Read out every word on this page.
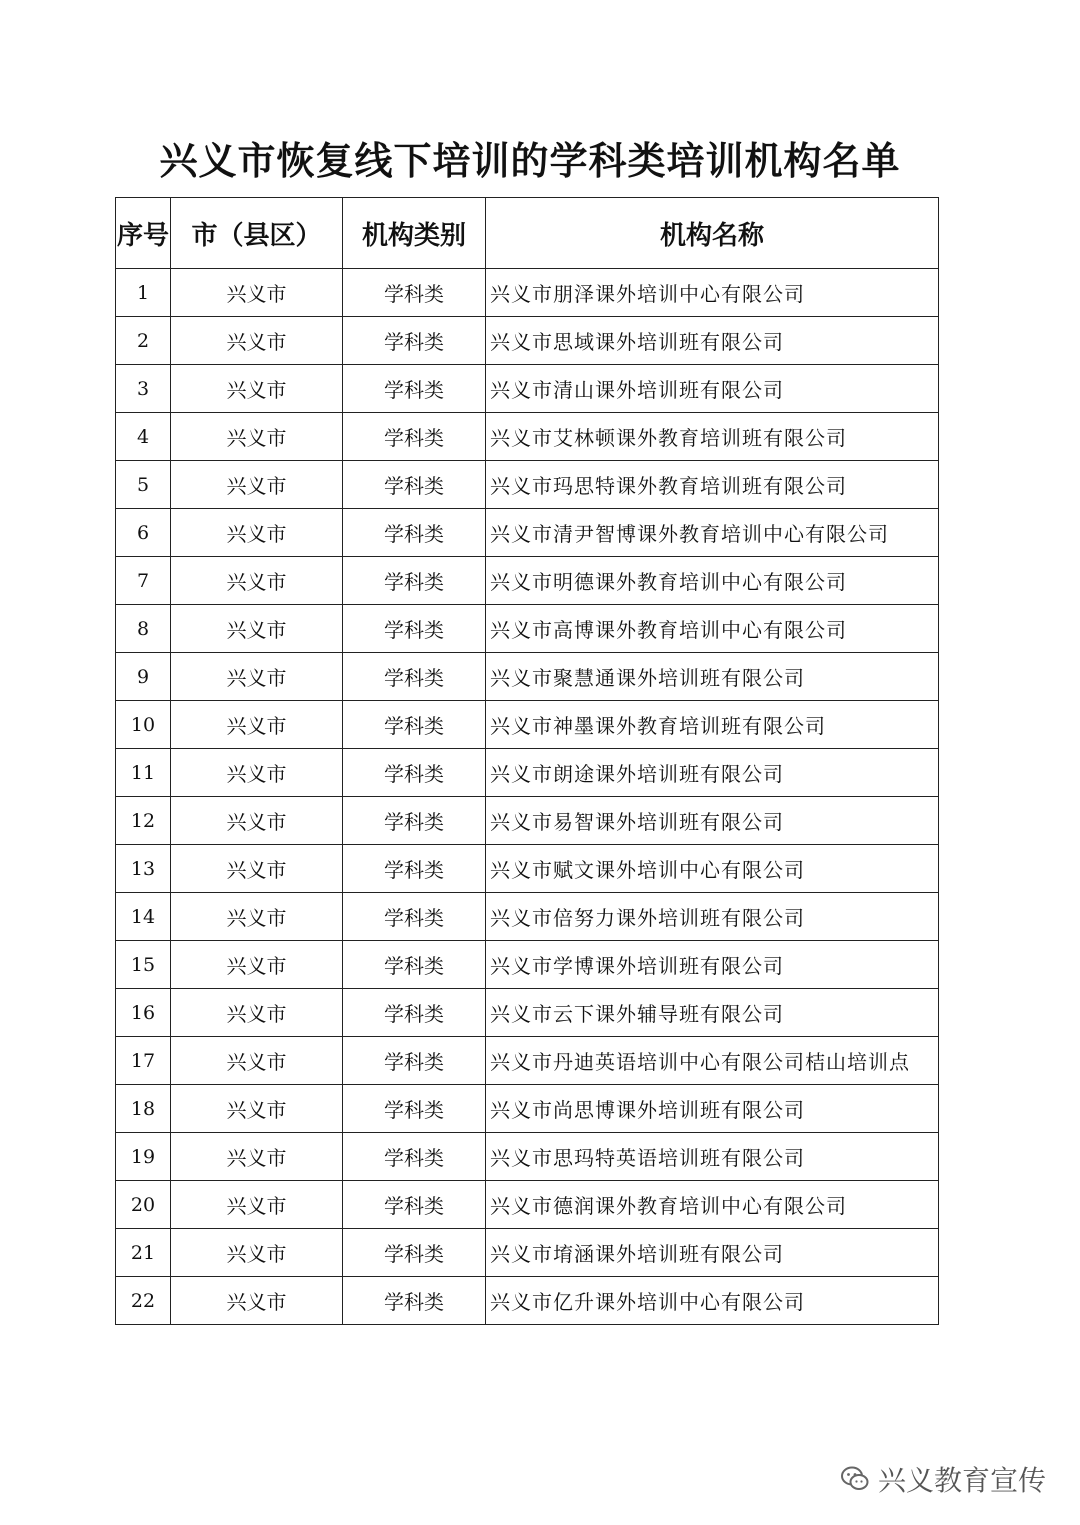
兴义市恢复线下培训的学科类培训机构名单
序号	市（县区）	机构类别	机构名称
1	兴义市	学科类	兴义市朋泽课外培训中心有限公司
2	兴义市	学科类	兴义市思域课外培训班有限公司
3	兴义市	学科类	兴义市清山课外培训班有限公司
4	兴义市	学科类	兴义市艾林顿课外教育培训班有限公司
5	兴义市	学科类	兴义市玛思特课外教育培训班有限公司
6	兴义市	学科类	兴义市清尹智博课外教育培训中心有限公司
7	兴义市	学科类	兴义市明德课外教育培训中心有限公司
8	兴义市	学科类	兴义市高博课外教育培训中心有限公司
9	兴义市	学科类	兴义市聚慧通课外培训班有限公司
10	兴义市	学科类	兴义市神墨课外教育培训班有限公司
11	兴义市	学科类	兴义市朗途课外培训班有限公司
12	兴义市	学科类	兴义市易智课外培训班有限公司
13	兴义市	学科类	兴义市赋文课外培训中心有限公司
14	兴义市	学科类	兴义市倍努力课外培训班有限公司
15	兴义市	学科类	兴义市学博课外培训班有限公司
16	兴义市	学科类	兴义市云下课外辅导班有限公司
17	兴义市	学科类	兴义市丹迪英语培训中心有限公司桔山培训点
18	兴义市	学科类	兴义市尚思博课外培训班有限公司
19	兴义市	学科类	兴义市思玛特英语培训班有限公司
20	兴义市	学科类	兴义市德润课外教育培训中心有限公司
21	兴义市	学科类	兴义市堉涵课外培训班有限公司
22	兴义市	学科类	兴义市亿升课外培训中心有限公司
兴义教育宣传
